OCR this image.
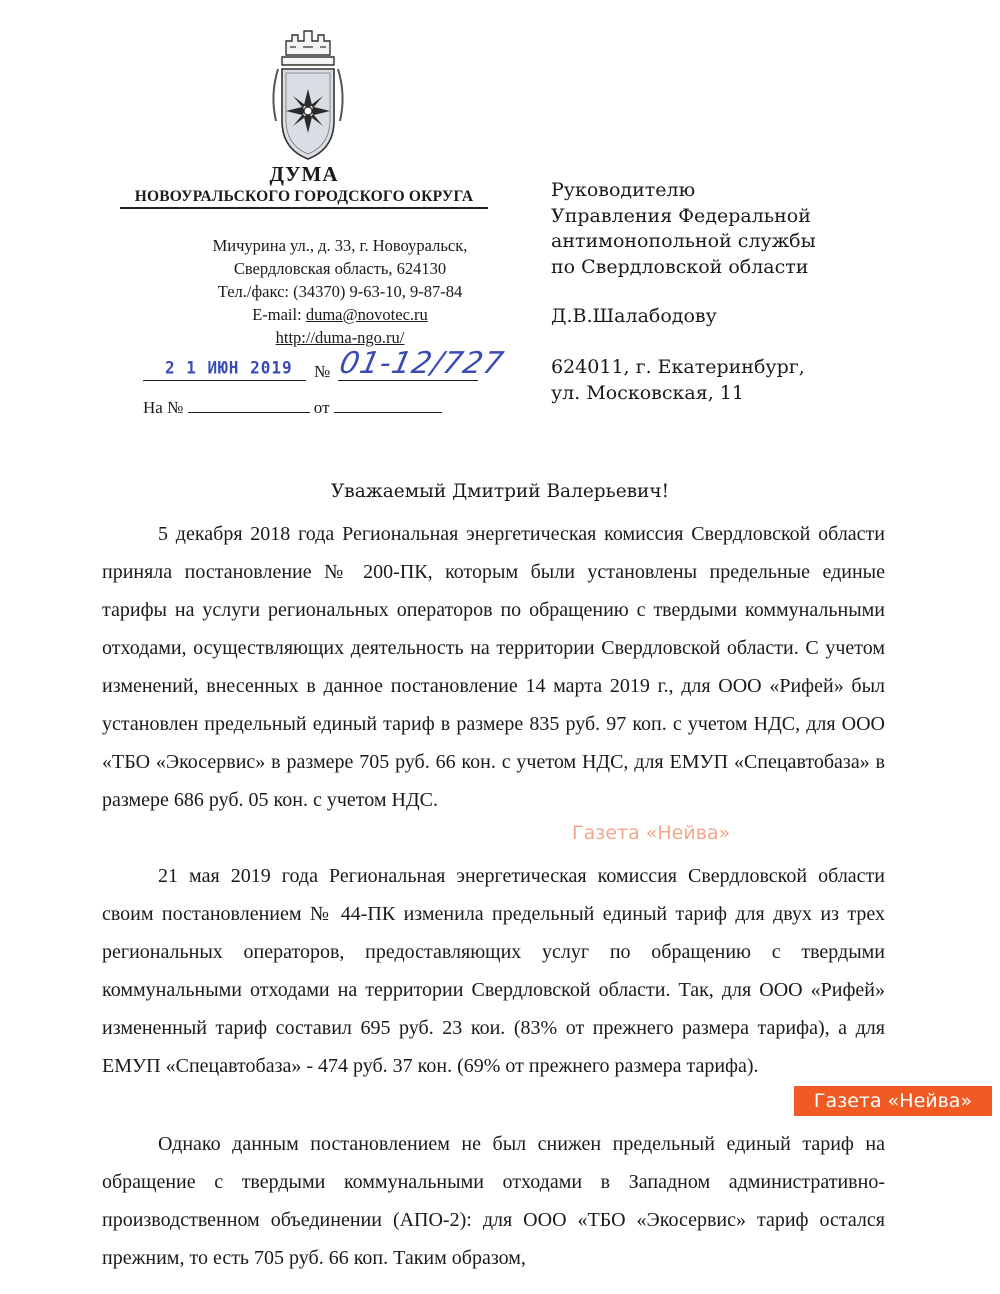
ДУМА
НОВОУРАЛЬСКОГО ГОРОДСКОГО ОКРУГА
Мичурина ул., д. 33, г. Новоуральск,
Свердловская область, 624130
Тел./факс: (34370) 9-63-10, 9-87-84
E-mail: duma@novotec.ru
http://duma-ngo.ru/
2 1 ИЮН 2019 № 01-12/727
На №	от
Руководителю
Управления Федеральной
антимонопольной службы
по Свердловской области
Д.В.Шалабодову
624011, г. Екатеринбург,
ул. Московская, 11
Уважаемый Дмитрий Валерьевич!
5 декабря 2018 года Региональная энергетическая комиссия Свердловской области приняла постановление № 200-ПК, которым были установлены предельные единые тарифы на услуги региональных операторов по обращению с твердыми коммунальными отходами, осуществляющих деятельность на территории Свердловской области. С учетом изменений, внесенных в данное постановление 14 марта 2019 г., для ООО «Рифей» был установлен предельный единый тариф в размере 835 руб. 97 коп. с учетом НДС, для ООО «ТБО «Экосервис» в размере 705 руб. 66 кон. с учетом НДС, для ЕМУП «Спецавтобаза» в размере 686 руб. 05 кон. с учетом НДС.
21 мая 2019 года Региональная энергетическая комиссия Свердловской области своим постановлением № 44-ПК изменила предельный единый тариф для двух из трех региональных операторов, предоставляющих услуг по обращению с твердыми коммунальными отходами на территории Свердловской области. Так, для ООО «Рифей» измененный тариф составил 695 руб. 23 кои. (83% от прежнего размера тарифа), а для ЕМУП «Спецавтобаза» - 474 руб. 37 кон. (69% от прежнего размера тарифа).
Однако данным постановлением не был снижен предельный единый тариф на обращение с твердыми коммунальными отходами в Западном административно-производственном объединении (АПО-2): для ООО «ТБО «Экосервис» тариф остался прежним, то есть 705 руб. 66 коп. Таким образом,
Газета «Нейва»
Газета «Нейва»
